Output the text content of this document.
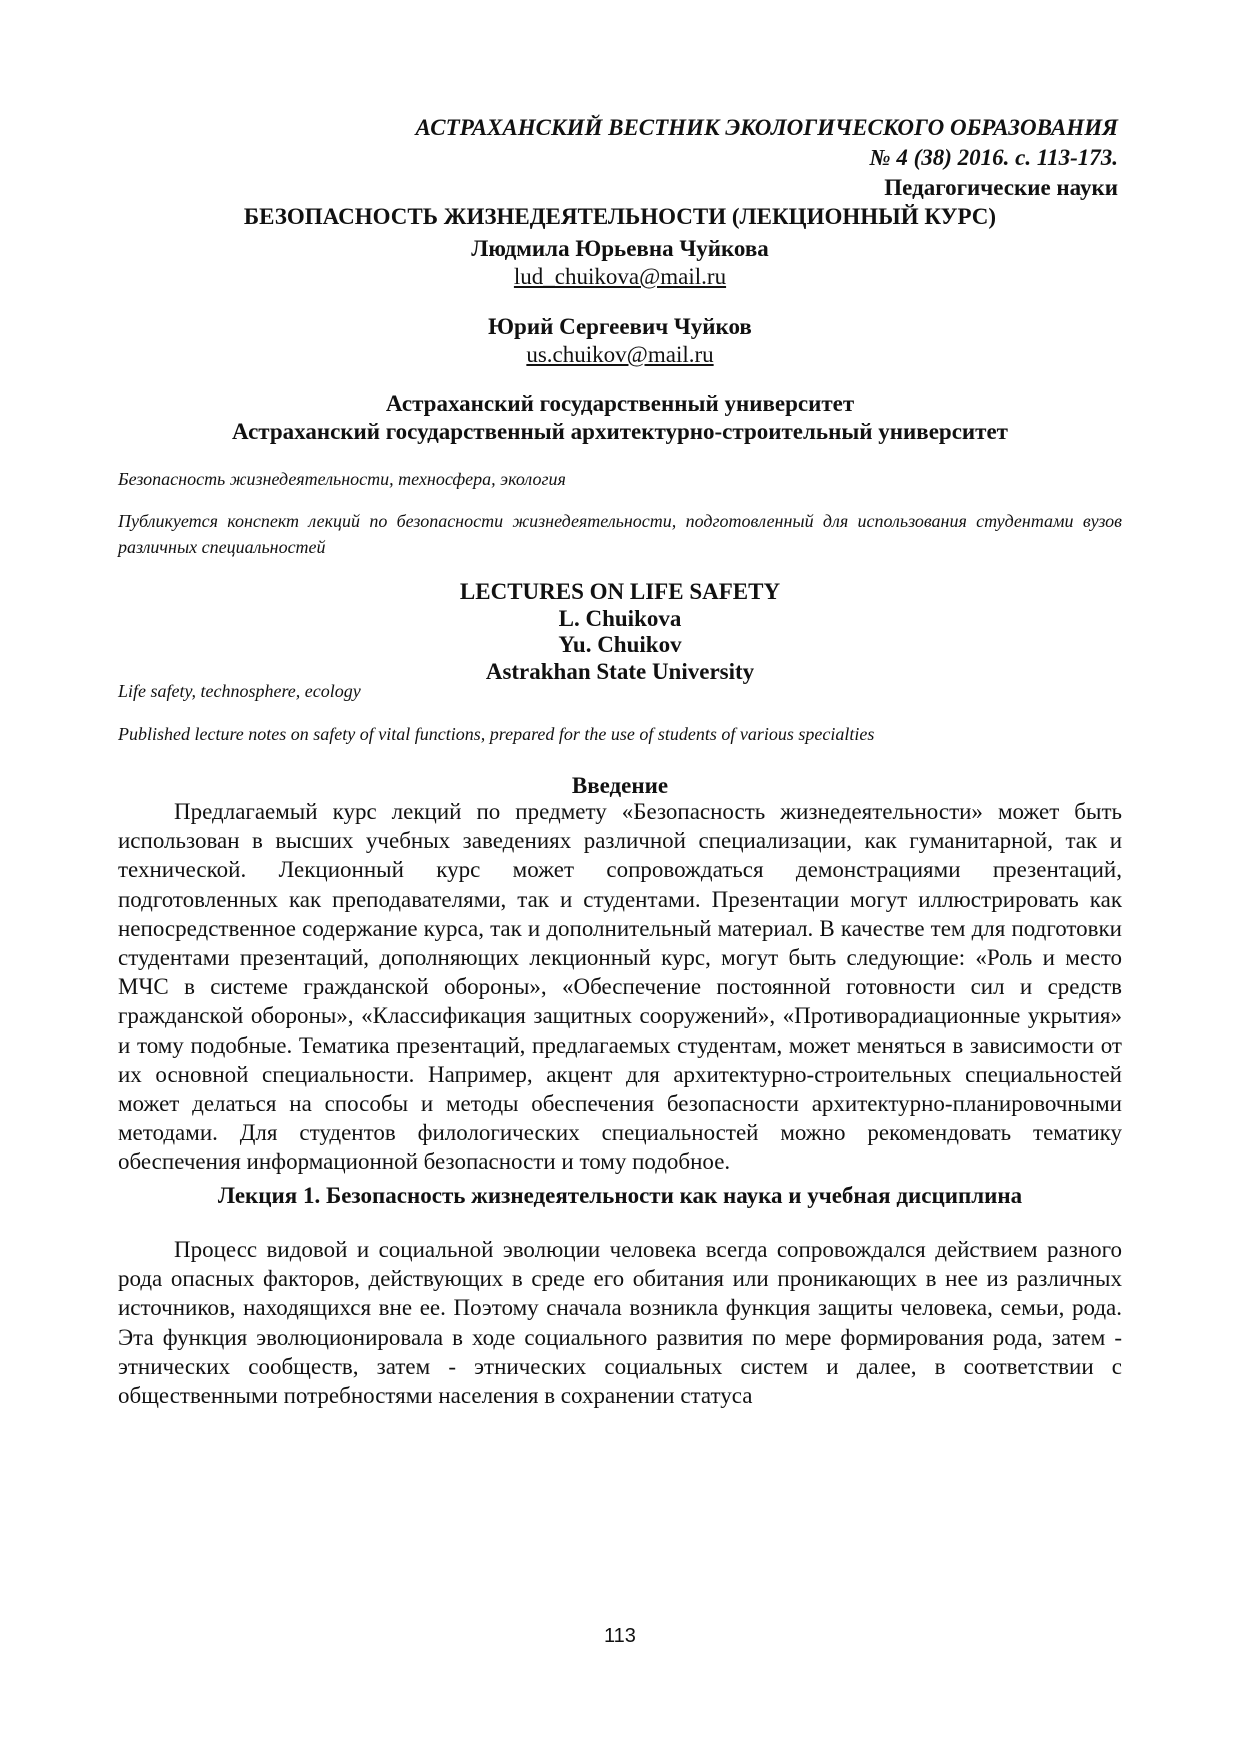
АСТРАХАНСКИЙ ВЕСТНИК ЭКОЛОГИЧЕСКОГО ОБРАЗОВАНИЯ
№ 4 (38) 2016. с. 113-173.
Педагогические науки
БЕЗОПАСНОСТЬ ЖИЗНЕДЕЯТЕЛЬНОСТИ (ЛЕКЦИОННЫЙ КУРС)
Людмила Юрьевна Чуйкова
lud_chuikova@mail.ru
Юрий Сергеевич Чуйков
us.chuikov@mail.ru
Астраханский государственный университет
Астраханский государственный архитектурно-строительный университет
Безопасность жизнедеятельности, техносфера, экология
Публикуется конспект лекций по безопасности жизнедеятельности, подготовленный для использования студентами вузов различных специальностей
LECTURES ON LIFE SAFETY
L. Chuikova
Yu. Chuikov
Astrakhan State University
Life safety, technosphere, ecology
Published lecture notes on safety of vital functions, prepared for the use of students of various specialties
Введение

Предлагаемый курс лекций по предмету «Безопасность жизнедеятельности» может быть использован в высших учебных заведениях различной специализации, как гуманитарной, так и технической. Лекционный курс может сопровождаться демонстрациями презентаций, подготовленных как преподавателями, так и студентами. Презентации могут иллюстрировать как непосредственное содержание курса, так и дополнительный материал. В качестве тем для подготовки студентами презентаций, дополняющих лекционный курс, могут быть следующие: «Роль и место МЧС в системе гражданской обороны», «Обеспечение постоянной готовности сил и средств гражданской обороны», «Классификация защитных сооружений», «Противорадиационные укрытия» и тому подобные. Тематика презентаций, предлагаемых студентам, может меняться в зависимости от их основной специальности. Например, акцент для архитектурно-строительных специальностей может делаться на способы и методы обеспечения безопасности архитектурно-планировочными методами. Для студентов филологических специальностей можно рекомендовать тематику обеспечения информационной безопасности и тому подобное.

Лекция 1. Безопасность жизнедеятельности как наука и учебная дисциплина

Процесс видовой и социальной эволюции человека всегда сопровождался действием разного рода опасных факторов, действующих в среде его обитания или проникающих в нее из различных источников, находящихся вне ее. Поэтому сначала возникла функция защиты человека, семьи, рода. Эта функция эволюционировала в ходе социального развития по мере формирования рода, затем - этнических сообществ, затем - этнических социальных систем и далее, в соответствии с общественными потребностями населения в сохранении статуса

113
